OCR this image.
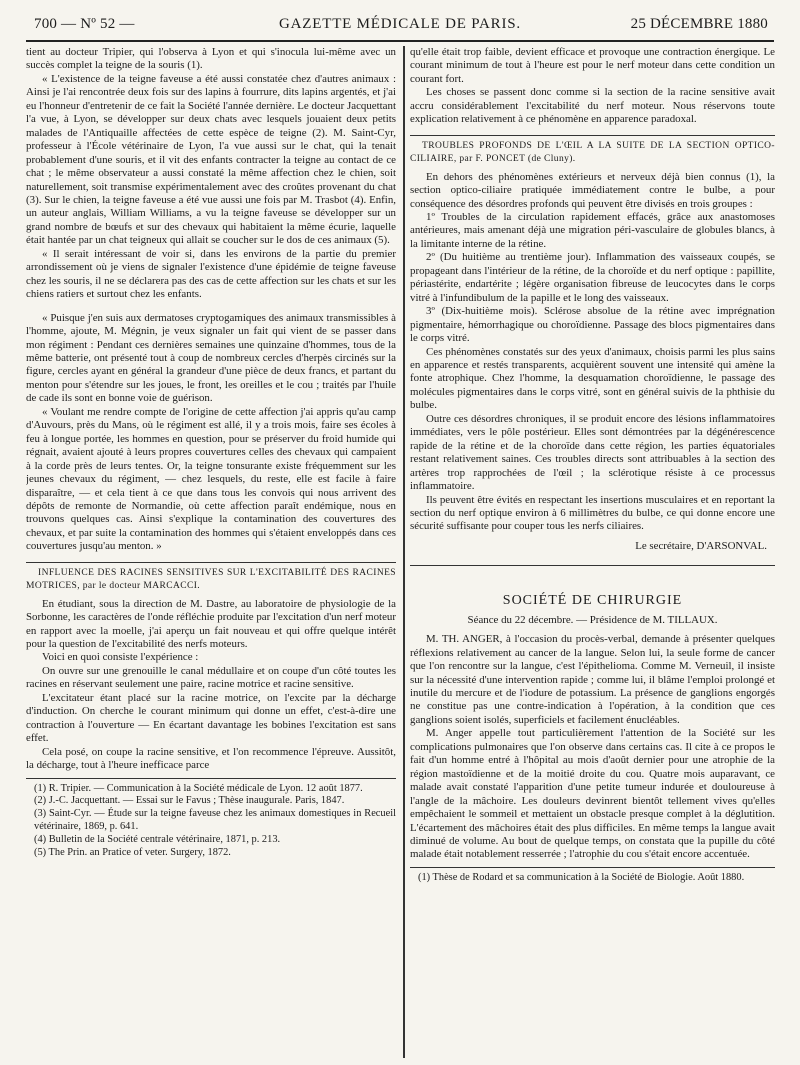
700 — Nº 52 —	GAZETTE MÉDICALE DE PARIS.	25 DÉCEMBRE 1880

tient au docteur Tripier, qui l'observa à Lyon et qui s'inocula lui-même avec un succès complet la teigne de la souris (1).

« L'existence de la teigne faveuse a été aussi constatée chez d'autres animaux : Ainsi je l'ai rencontrée deux fois sur des lapins à fourrure, dits lapins argentés, et j'ai eu l'honneur d'entretenir de ce fait la Société l'année dernière. Le docteur Jacquettant l'a vue, à Lyon, se développer sur deux chats avec lesquels jouaient deux petits malades de l'Antiquaille affectées de cette espèce de teigne (2). M. Saint-Cyr, professeur à l'École vétérinaire de Lyon, l'a vue aussi sur le chat, qui la tenait probablement d'une souris, et il vit des enfants contracter la teigne au contact de ce chat ; le même observateur a aussi constaté la même affection chez le chien, soit naturellement, soit transmise expérimentalement avec des croûtes provenant du chat (3). Sur le chien, la teigne faveuse a été vue aussi une fois par M. Trasbot (4). Enfin, un auteur anglais, William Williams, a vu la teigne faveuse se développer sur un grand nombre de bœufs et sur des chevaux qui habitaient la même écurie, laquelle était hantée par un chat teigneux qui allait se coucher sur le dos de ces animaux (5).

« Il serait intéressant de voir si, dans les environs de la partie du premier arrondissement où je viens de signaler l'existence d'une épidémie de teigne faveuse chez les souris, il ne se déclarera pas des cas de cette affection sur les chats et sur les chiens ratiers et surtout chez les enfants.

« Puisque j'en suis aux dermatoses cryptogamiques des animaux transmissibles à l'homme, ajoute, M. Mégnin, je veux signaler un fait qui vient de se passer dans mon régiment : Pendant ces dernières semaines une quinzaine d'hommes, tous de la même batterie, ont présenté tout à coup de nombreux cercles d'herpès circinés sur la figure, cercles ayant en général la grandeur d'une pièce de deux francs, et partant du menton pour s'étendre sur les joues, le front, les oreilles et le cou ; traités par l'huile de cade ils sont en bonne voie de guérison.

« Voulant me rendre compte de l'origine de cette affection j'ai appris qu'au camp d'Auvours, près du Mans, où le régiment est allé, il y a trois mois, faire ses écoles à feu à longue portée, les hommes en question, pour se préserver du froid humide qui régnait, avaient ajouté à leurs propres couvertures celles des chevaux qui campaient à la corde près de leurs tentes. Or, la teigne tonsurante existe fréquemment sur les jeunes chevaux du régiment, — chez lesquels, du reste, elle est facile à faire disparaître, — et cela tient à ce que dans tous les convois qui nous arrivent des dépôts de remonte de Normandie, où cette affection paraît endémique, nous en trouvons quelques cas. Ainsi s'explique la contamination des couvertures des chevaux, et par suite la contamination des hommes qui s'étaient enveloppés dans ces couvertures jusqu'au menton. »

INFLUENCE DES RACINES SENSITIVES SUR L'EXCITABILITÉ DES RACINES MOTRICES, par le docteur MARCACCI.

En étudiant, sous la direction de M. Dastre, au laboratoire de physiologie de la Sorbonne, les caractères de l'onde réfléchie produite par l'excitation d'un nerf moteur en rapport avec la moelle, j'ai aperçu un fait nouveau et qui offre quelque intérêt pour la question de l'excitabilité des nerfs moteurs.

Voici en quoi consiste l'expérience :

On ouvre sur une grenouille le canal médullaire et on coupe d'un côté toutes les racines en réservant seulement une paire, racine motrice et racine sensitive.

L'excitateur étant placé sur la racine motrice, on l'excite par la décharge d'induction. On cherche le courant minimum qui donne un effet, c'est-à-dire une contraction à l'ouverture — En écartant davantage les bobines l'excitation est sans effet.

Cela posé, on coupe la racine sensitive, et l'on recommence l'épreuve. Aussitôt, la décharge, tout à l'heure inefficace parce

(1) R. Tripier. — Communication à la Société médicale de Lyon. 12 août 1877.

(2) J.-C. Jacquettant. — Essai sur le Favus ; Thèse inaugurale. Paris, 1847.

(3) Saint-Cyr. — Étude sur la teigne faveuse chez les animaux domestiques in Recueil vétérinaire, 1869, p. 641.

(4) Bulletin de la Société centrale vétérinaire, 1871, p. 213.

(5) The Prin. an Pratice of veter. Surgery, 1872.

qu'elle était trop faible, devient efficace et provoque une contraction énergique. Le courant minimum de tout à l'heure est pour le nerf moteur dans cette condition un courant fort.

Les choses se passent donc comme si la section de la racine sensitive avait accru considérablement l'excitabilité du nerf moteur. Nous réservons toute explication relativement à ce phénomène en apparence paradoxal.

TROUBLES PROFONDS DE L'ŒIL A LA SUITE DE LA SECTION OPTICO-CILIAIRE, par F. PONCET (de Cluny).

En dehors des phénomènes extérieurs et nerveux déjà bien connus (1), la section optico-ciliaire pratiquée immédiatement contre le bulbe, a pour conséquence des désordres profonds qui peuvent être divisés en trois groupes :

1º Troubles de la circulation rapidement effacés, grâce aux anastomoses antérieures, mais amenant déjà une migration péri-vasculaire de globules blancs, à la limitante interne de la rétine.

2º (Du huitième au trentième jour). Inflammation des vaisseaux coupés, se propageant dans l'intérieur de la rétine, de la choroïde et du nerf optique : papillite, périastérite, endartérite ; légère organisation fibreuse de leucocytes dans le corps vitré à l'infundibulum de la papille et le long des vaisseaux.

3º (Dix-huitième mois). Sclérose absolue de la rétine avec imprégnation pigmentaire, hémorrhagique ou choroïdienne. Passage des blocs pigmentaires dans le corps vitré.

Ces phénomènes constatés sur des yeux d'animaux, choisis parmi les plus sains en apparence et restés transparents, acquièrent souvent une intensité qui amène la fonte atrophique. Chez l'homme, la desquamation choroïdienne, le passage des molécules pigmentaires dans le corps vitré, sont en général suivis de la phthisie du bulbe.

Outre ces désordres chroniques, il se produit encore des lésions inflammatoires immédiates, vers le pôle postérieur. Elles sont démontrées par la dégénérescence rapide de la rétine et de la choroïde dans cette région, les parties équatoriales restant relativement saines. Ces troubles directs sont attribuables à la section des artères trop rapprochées de l'œil ; la sclérotique résiste à ce processus inflammatoire.

Ils peuvent être évités en respectant les insertions musculaires et en reportant la section du nerf optique environ à 6 millimètres du bulbe, ce qui donne encore une sécurité suffisante pour couper tous les nerfs ciliaires.

Le secrétaire, D'ARSONVAL.

SOCIÉTÉ DE CHIRURGIE

Séance du 22 décembre. — Présidence de M. TILLAUX.

M. TH. ANGER, à l'occasion du procès-verbal, demande à présenter quelques réflexions relativement au cancer de la langue. Selon lui, la seule forme de cancer que l'on rencontre sur la langue, c'est l'épithelioma. Comme M. Verneuil, il insiste sur la nécessité d'une intervention rapide ; comme lui, il blâme l'emploi prolongé et inutile du mercure et de l'iodure de potassium. La présence de ganglions engorgés ne constitue pas une contre-indication à l'opération, à la condition que ces ganglions soient isolés, superficiels et facilement énucléables.

M. Anger appelle tout particulièrement l'attention de la Société sur les complications pulmonaires que l'on observe dans certains cas. Il cite à ce propos le fait d'un homme entré à l'hôpital au mois d'août dernier pour une atrophie de la région mastoïdienne et de la moitié droite du cou. Quatre mois auparavant, ce malade avait constaté l'apparition d'une petite tumeur indurée et douloureuse à l'angle de la mâchoire. Les douleurs devinrent bientôt tellement vives qu'elles empêchaient le sommeil et mettaient un obstacle presque complet à la déglutition. L'écartement des mâchoires était des plus difficiles. En même temps la langue avait diminué de volume. Au bout de quelque temps, on constata que la pupille du côté malade était notablement resserrée ; l'atrophie du cou s'était encore accentuée.

(1) Thèse de Rodard et sa communication à la Société de Biologie. Août 1880.
